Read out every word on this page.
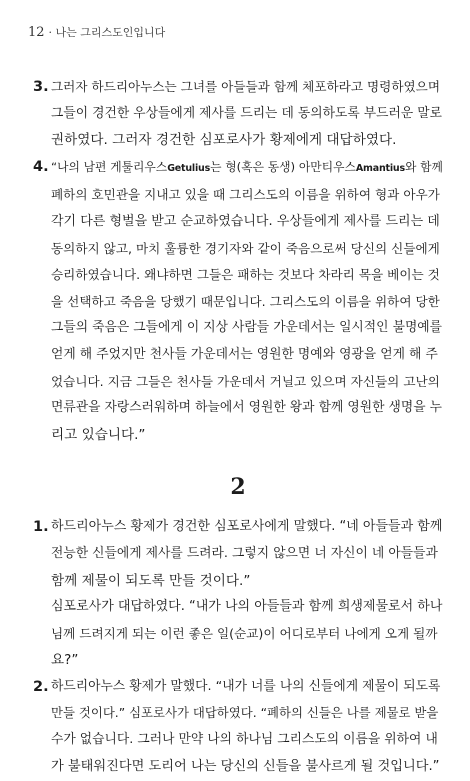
12 · 나는 그리스도인입니다
3. 그러자 하드리아누스는 그녀를 아들들과 함께 체포하라고 명령하였으며
그들이 경건한 우상들에게 제사를 드리는 데 동의하도록 부드러운 말로
권하였다. 그러자 경건한 심포로사가 황제에게 대답하였다.
4. “나의 남편 게툴리우스Getulius는 형(혹은 동생) 아만티우스Amantius와 함께
폐하의 호민관을 지내고 있을 때 그리스도의 이름을 위하여 형과 아우가
각기 다른 형벌을 받고 순교하였습니다. 우상들에게 제사를 드리는 데
동의하지 않고, 마치 훌륭한 경기자와 같이 죽음으로써 당신의 신들에게
승리하였습니다. 왜냐하면 그들은 패하는 것보다 차라리 목을 베이는 것
을 선택하고 죽음을 당했기 때문입니다. 그리스도의 이름을 위하여 당한
그들의 죽음은 그들에게 이 지상 사람들 가운데서는 일시적인 불명예를
얻게 해 주었지만 천사들 가운데서는 영원한 명예와 영광을 얻게 해 주
었습니다. 지금 그들은 천사들 가운데서 거닐고 있으며 자신들의 고난의
면류관을 자랑스러워하며 하늘에서 영원한 왕과 함께 영원한 생명을 누
리고 있습니다.”
2
1. 하드리아누스 황제가 경건한 심포로사에게 말했다. “네 아들들과 함께
전능한 신들에게 제사를 드려라. 그렇지 않으면 너 자신이 네 아들들과
함께 제물이 되도록 만들 것이다.”
심포로사가 대답하였다. “내가 나의 아들들과 함께 희생제물로서 하나
님께 드려지게 되는 이런 좋은 일(순교)이 어디로부터 나에게 오게 될까
요?”
2. 하드리아누스 황제가 말했다. “내가 너를 나의 신들에게 제물이 되도록
만들 것이다.” 심포로사가 대답하였다. “폐하의 신들은 나를 제물로 받을
수가 없습니다. 그러나 만약 나의 하나님 그리스도의 이름을 위하여 내
가 불태워진다면 도리어 나는 당신의 신들을 불사르게 될 것입니다.”
